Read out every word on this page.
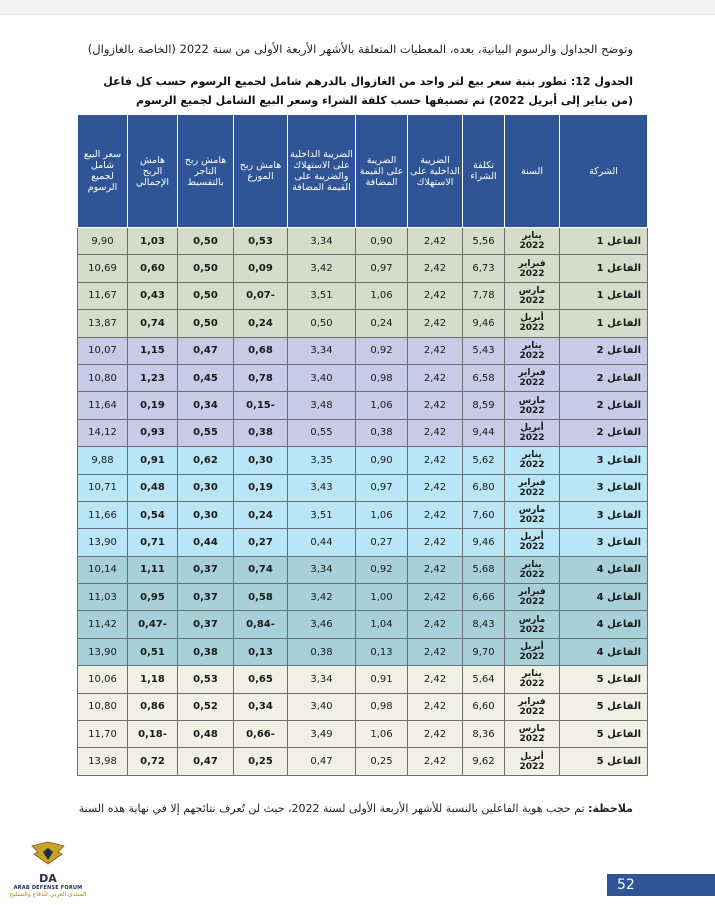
وتوضح الجداول والرسوم البيانية، بعده، المعطيات المتعلقة بالأشهر الأربعة الأولى من سنة 2022 (الخاصة بالغازوال)
الجدول 12: تطور بنية سعر بيع لتر واحد من الغازوال بالدرهم شامل لجميع الرسوم حسب كل فاعل
(من يناير إلى أبريل 2022) تم تصنيفها حسب كلفة الشراء وسعر البيع الشامل لجميع الرسوم
الشركة	السنة	تكلفة الشراء	الضريبة الداخلية على الاستهلاك	الضريبة على القيمة المضافة	الضريبة الداخلية على الاستهلاك والضريبة على القيمة المضافة	هامش ربح الموزع	هامش ربح التاجر بالتقسيط	هامش الربح الإجمالي	سعر البيع شامل لجميع الرسوم
الفاعل 1	يناير 2022	5,56	2,42	0,90	3,34	0,53	0,50	1,03	9,90
الفاعل 1	فبراير 2022	6,73	2,42	0,97	3,42	0,09	0,50	0,60	10,69
الفاعل 1	مارس 2022	7,78	2,42	1,06	3,51	-0,07	0,50	0,43	11,67
الفاعل 1	أبريل 2022	9,46	2,42	0,24	0,50	0,24	0,50	0,74	13,87
الفاعل 2	يناير 2022	5,43	2,42	0,92	3,34	0,68	0,47	1,15	10,07
الفاعل 2	فبراير 2022	6,58	2,42	0,98	3,40	0,78	0,45	1,23	10,80
الفاعل 2	مارس 2022	8,59	2,42	1,06	3,48	-0,15	0,34	0,19	11,64
الفاعل 2	أبريل 2022	9,44	2,42	0,38	0,55	0,38	0,55	0,93	14,12
الفاعل 3	يناير 2022	5,62	2,42	0,90	3,35	0,30	0,62	0,91	9,88
الفاعل 3	فبراير 2022	6,80	2,42	0,97	3,43	0,19	0,30	0,48	10,71
الفاعل 3	مارس 2022	7,60	2,42	1,06	3,51	0,24	0,30	0,54	11,66
الفاعل 3	أبريل 2022	9,46	2,42	0,27	0,44	0,27	0,44	0,71	13,90
الفاعل 4	يناير 2022	5,68	2,42	0,92	3,34	0,74	0,37	1,11	10,14
الفاعل 4	فبراير 2022	6,66	2,42	1,00	3,42	0,58	0,37	0,95	11,03
الفاعل 4	مارس 2022	8,43	2,42	1,04	3,46	-0,84	0,37	-0,47	11,42
الفاعل 4	أبريل 2022	9,70	2,42	0,13	0,38	0,13	0,38	0,51	13,90
الفاعل 5	يناير 2022	5,64	2,42	0,91	3,34	0,65	0,53	1,18	10,06
الفاعل 5	فبراير 2022	6,60	2,42	0,98	3,40	0,34	0,52	0,86	10,80
الفاعل 5	مارس 2022	8,36	2,42	1,06	3,49	-0,66	0,48	-0,18	11,70
الفاعل 5	أبريل 2022	9,62	2,42	0,25	0,47	0,25	0,47	0,72	13,98
ملاحظة: تم حجب هوية الفاعلين بالنسبة للأشهر الأربعة الأولى لسنة 2022، حيث لن تُعرف نتائجهم إلا في نهاية هذه السنة
52
DA
ARAB DEFENSE FORUM
المنتدى العربي للدفاع والتسليح
